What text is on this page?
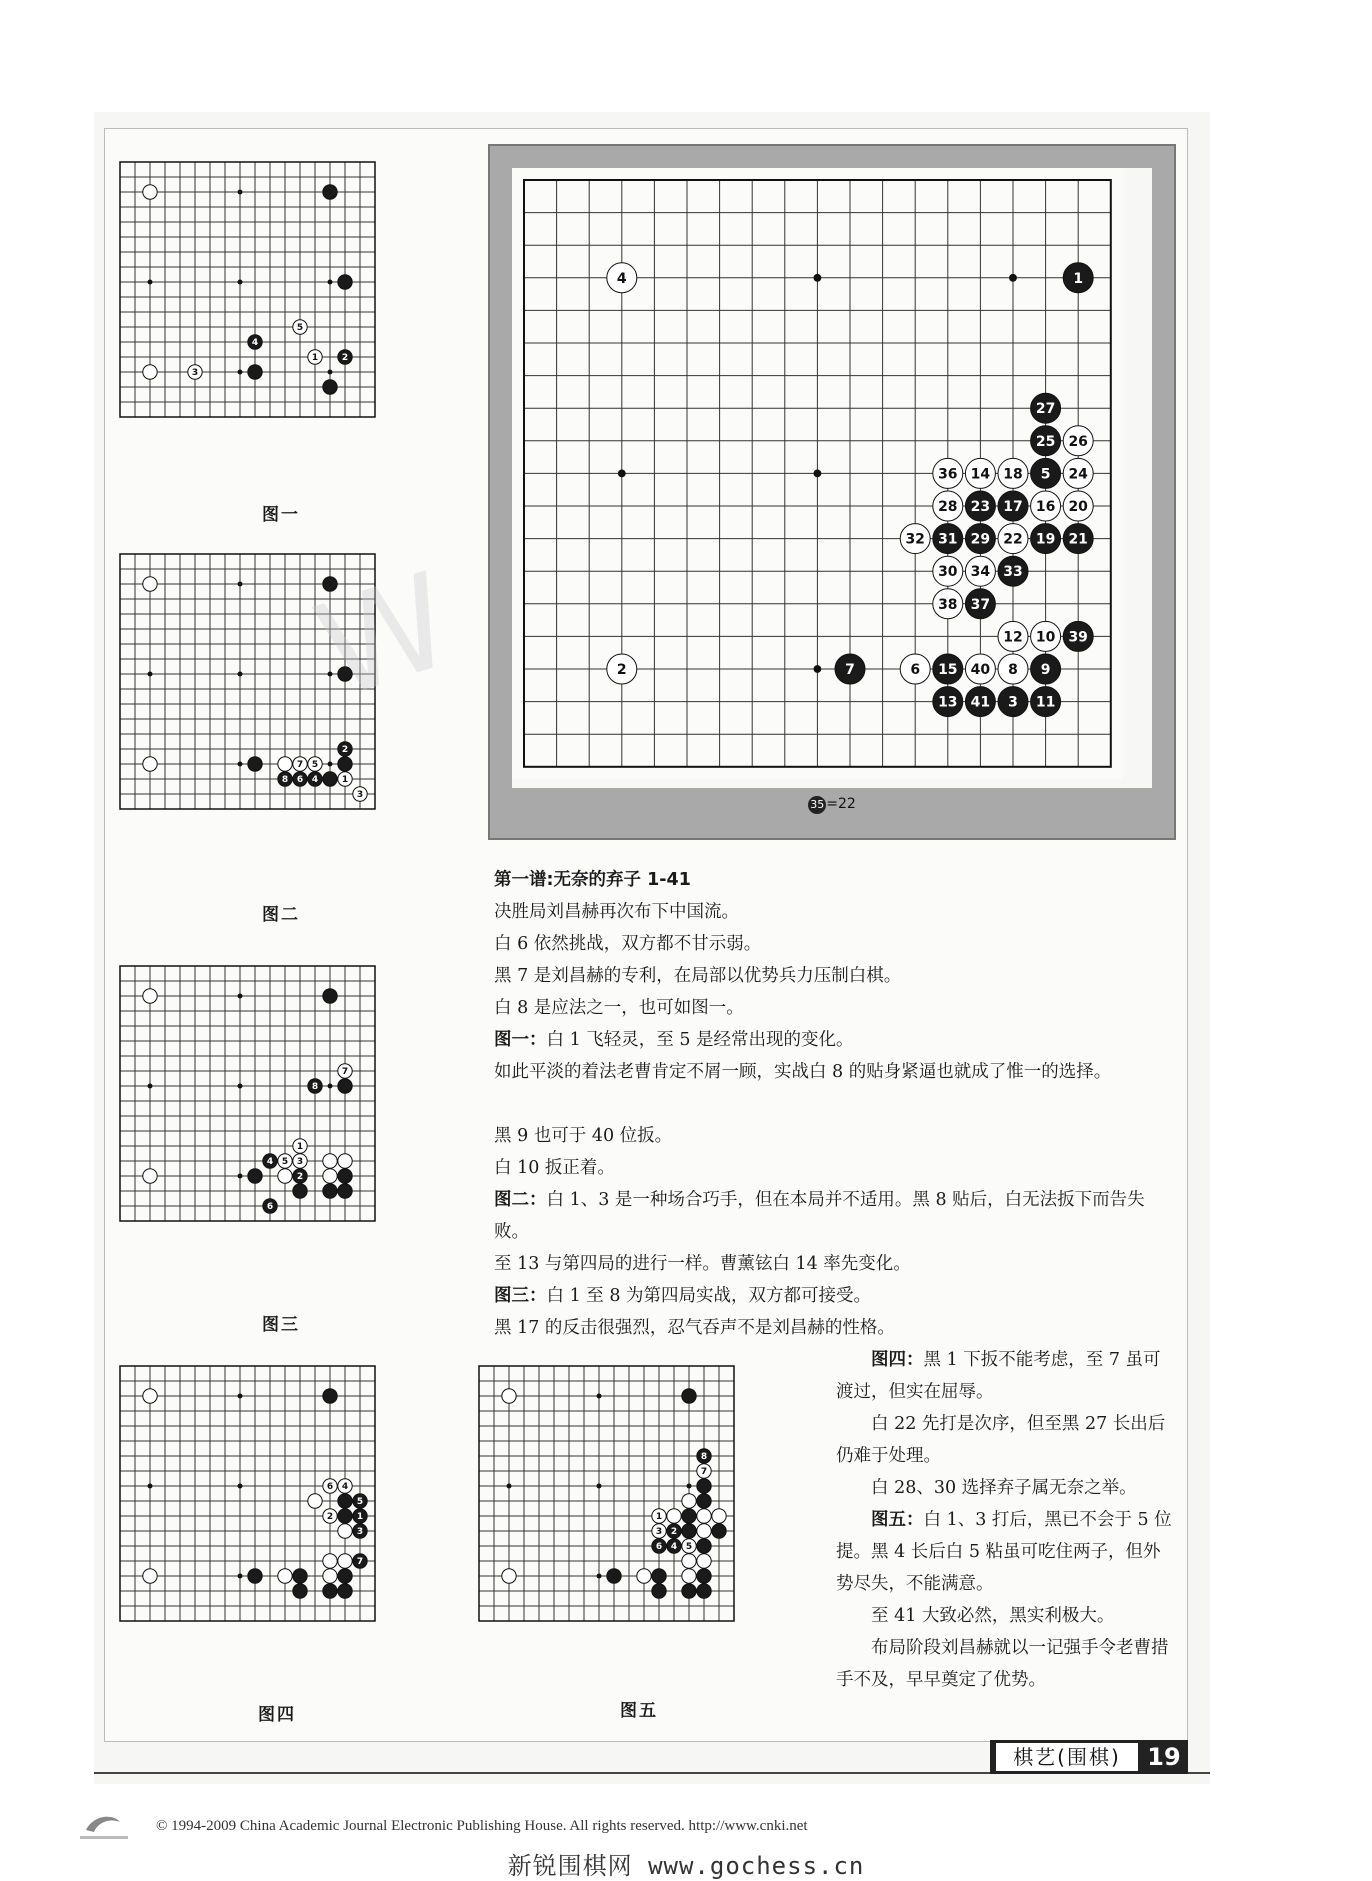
1	2
3
4
5
图一
1
2
3
4
5
6
7
8
图二
1
2
3
4 5
6
7
8
图三
1
2
3
4
5
6
7
图四
1
2
3
4 5
6
7
8
图五
1
2
4
6
7	8 9
10
11
12
13
14
15
16
17
18
19
20
21
22
23
24
25 26
27
28
29
30
31
32
33
34
36
37
38
39
40
41
5
3
35 =22
W

第一谱:无奈的弃子 1-41

决胜局刘昌赫再次布下中国流。

白 6 依然挑战，双方都不甘示弱。

黑 7 是刘昌赫的专利，在局部以优势兵力压制白棋。

白 8 是应法之一，也可如图一。

图一：白 1 飞轻灵，至 5 是经常出现的变化。

如此平淡的着法老曹肯定不屑一顾，实战白 8 的贴身紧逼也就成了惟一的选择。

黑 9 也可于 40 位扳。

白 10 扳正着。

图二：白 1、3 是一种场合巧手，但在本局并不适用。黑 8 贴后，白无法扳下而告失败。

至 13 与第四局的进行一样。曹薰铉白 14 率先变化。

图三：白 1 至 8 为第四局实战，双方都可接受。

黑 17 的反击很强烈，忍气吞声不是刘昌赫的性格。

图四：黑 1 下扳不能考虑，至 7 虽可渡过，但实在屈辱。

白 22 先打是次序，但至黑 27 长出后仍难于处理。

白 28、30 选择弃子属无奈之举。

图五：白 1、3 打后，黑已不会于 5 位提。黑 4 长后白 5 粘虽可吃住两子，但外势尽失，不能满意。

至 41 大致必然，黑实利极大。

布局阶段刘昌赫就以一记强手令老曹措手不及，早早奠定了优势。

棋艺(围棋)	19
© 1994-2009 China Academic Journal Electronic Publishing House. All rights reserved. http://www.cnki.net
新锐围棋网 www.gochess.cn
